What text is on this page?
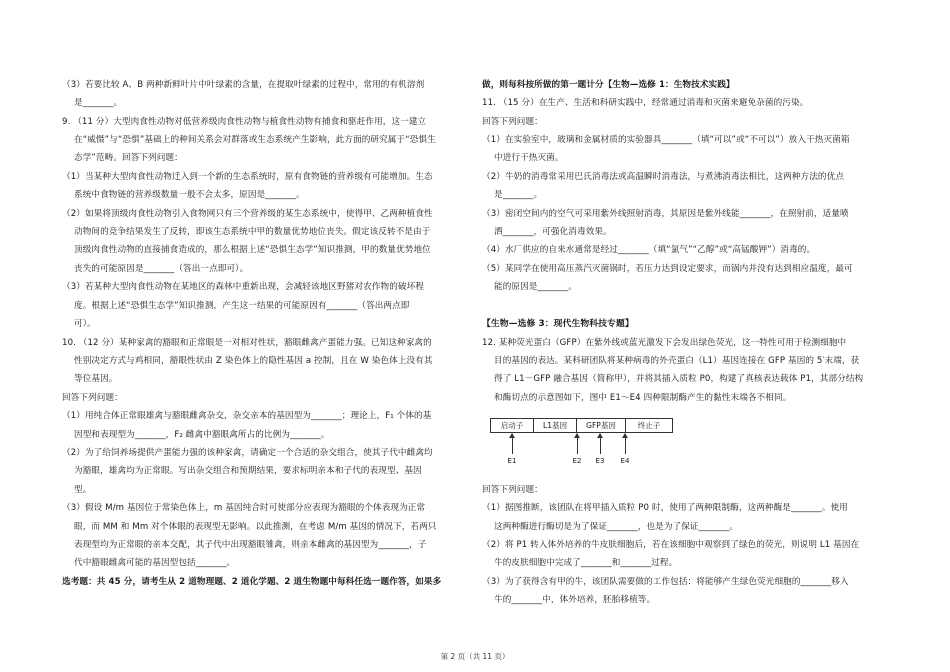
（3）若要比较 A、B 两种新鲜叶片中叶绿素的含量，在提取叶绿素的过程中，常用的有机溶剂
是_______。
9. （11 分）大型肉食性动物对低营养级肉食性动物与植食性动物有捕食和驱赶作用，这一建立
在“威慑”与“恐惧”基础上的种间关系会对群落或生态系统产生影响，此方面的研究属于“恐惧生
态学”范畴。回答下列问题：
（1）当某种大型肉食性动物迁入到一个新的生态系统时，原有食物链的营养级有可能增加。生态
系统中食物链的营养级数量一般不会太多，原因是_______。
（2）如果将顶级肉食性动物引入食物网只有三个营养级的某生态系统中，使得甲、乙两种植食性
动物间的竞争结果发生了反转，即该生态系统中甲的数量优势地位丧失。假定该反转不是由于
顶级肉食性动物的直接捕食造成的，那么根据上述“恐惧生态学”知识推测，甲的数量优势地位
丧失的可能原因是_______（答出一点即可）。
（3）若某种大型肉食性动物在某地区的森林中重新出现，会减轻该地区野猪对农作物的破坏程
度。根据上述“恐惧生态学”知识推测，产生这一结果的可能原因有_______（答出两点即
可）。
10. （12 分）某种家禽的豁眼和正常眼是一对相对性状，豁眼雌禽产蛋能力强。已知这种家禽的
性别决定方式与鸡相同，豁眼性状由 Z 染色体上的隐性基因 a 控制，且在 W 染色体上没有其
等位基因。
回答下列问题：
（1）用纯合体正常眼雄禽与豁眼雌禽杂交，杂交亲本的基因型为_______；理论上，F₁ 个体的基
因型和表现型为_______，F₂ 雌禽中豁眼禽所占的比例为_______。
（2）为了给饲养场提供产蛋能力强的该种家禽，请确定一个合适的杂交组合，使其子代中雌禽均
为豁眼，雄禽均为正常眼。写出杂交组合和预期结果，要求标明亲本和子代的表现型、基因
型。
（3）假设 M/m 基因位于常染色体上，m 基因纯合时可使部分应表现为豁眼的个体表现为正常
眼，而 MM 和 Mm 对个体眼的表现型无影响。以此推测，在考虑 M/m 基因的情况下，若两只
表现型均为正常眼的亲本交配，其子代中出现豁眼雏禽，则亲本雌禽的基因型为_______，子
代中豁眼雌禽可能的基因型包括_______。
选考题：共 45 分，请考生从 2 道物理题、2 道化学题、2 道生物题中每科任选一题作答，如果多
做，则每科按所做的第一题计分【生物—选修 1：生物技术实践】
11. （15 分）在生产、生活和科研实践中，经常通过消毒和灭菌来避免杂菌的污染。
回答下列问题：
（1）在实验室中，玻璃和金属材质的实验器具_______（填“可以”或“不可以”）放入干热灭菌箱
中进行干热灭菌。
（2）牛奶的消毒常采用巴氏消毒法或高温瞬时消毒法，与煮沸消毒法相比，这两种方法的优点
是_______。
（3）密闭空间内的空气可采用紫外线照射消毒，其原因是紫外线能_______，在照射前，适量喷
洒_______，可强化消毒效果。
（4）水厂供应的自来水通常是经过_______（填“氯气”“乙醇”或“高锰酸钾”）消毒的。
（5）某同学在使用高压蒸汽灭菌锅时，若压力达到设定要求，而锅内并没有达到相应温度，最可
能的原因是_______。
【生物—选修 3：现代生物科技专题】
12. 某种荧光蛋白（GFP）在紫外线或蓝光激发下会发出绿色荧光，这一特性可用于检测细胞中
目的基因的表达。某科研团队将某种病毒的外壳蛋白（L1）基因连接在 GFP 基因的 5′末端，获
得了 L1－GFP 融合基因（简称甲），并将其插入质粒 P0，构建了真核表达载体 P1，其部分结构
和酶切点的示意图如下，图中 E1～E4 四种限制酶产生的黏性末端各不相同。
启动子	L1基因	GFP基因	终止子
E1	E2	E3	E4
回答下列问题：
（1）据图推断，该团队在将甲插入质粒 P0 时，使用了两种限制酶，这两种酶是_______。使用
这两种酶进行酶切是为了保证_______，也是为了保证_______。
（2）将 P1 转入体外培养的牛皮肤细胞后，若在该细胞中观察到了绿色的荧光，则说明 L1 基因在
牛的皮肤细胞中完成了_______和_______过程。
（3）为了获得含有甲的牛，该团队需要做的工作包括：将能够产生绿色荧光细胞的_______移入
牛的_______中，体外培养，胚胎移植等。
第 2 页（共 11 页）
